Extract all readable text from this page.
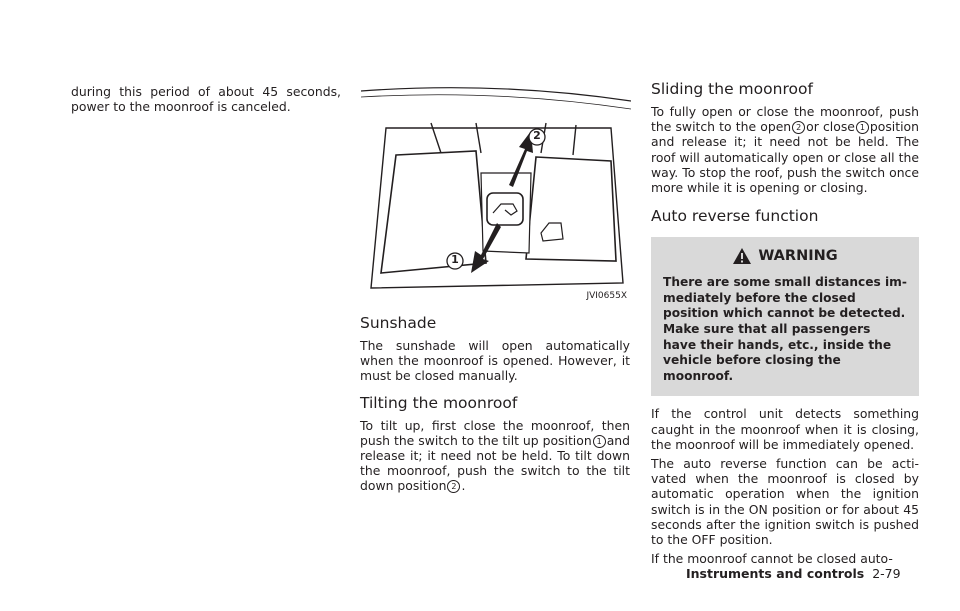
during this period of about 45 seconds, power to the moonroof is canceled.

2
1
JVI0655X
Sunshade

The sunshade will open automatically when the moonroof is opened. However, it must be closed manually.

Tilting the moonroof

To tilt up, first close the moonroof, then push the switch to the tilt up position 1 and release it; it need not be held. To tilt down the moonroof, push the switch to the tilt down position 2 .

Sliding the moonroof

To fully open or close the moonroof, push the switch to the open 2 or close 1 position and release it; it need not be held. The roof will automatically open or close all the way. To stop the roof, push the switch once more while it is opening or closing.

Auto reverse function
WARNING

There are some small distances im-mediately before the closed position which cannot be detected. Make sure that all passengers have their hands, etc., inside the vehicle before closing the moonroof.

If the control unit detects something caught in the moonroof when it is closing, the moonroof will be immediately opened.

The auto reverse function can be acti-vated when the moonroof is closed by automatic operation when the ignition switch is in the ON position or for about 45 seconds after the ignition switch is pushed to the OFF position.

If the moonroof cannot be closed auto-

Instruments and controls 2-79
